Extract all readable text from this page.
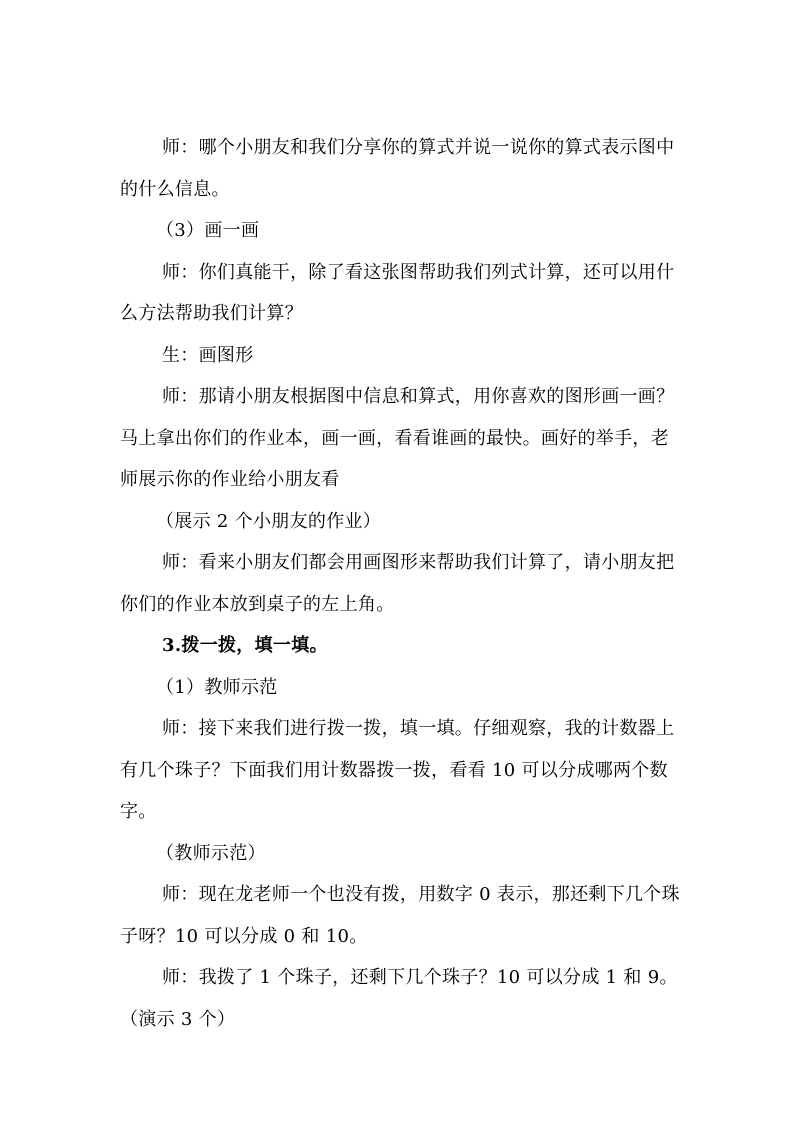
师：哪个小朋友和我们分享你的算式并说一说你的算式表示图中的什么信息。

（3）画一画

师：你们真能干，除了看这张图帮助我们列式计算，还可以用什么方法帮助我们计算？

生：画图形

师：那请小朋友根据图中信息和算式，用你喜欢的图形画一画？马上拿出你们的作业本，画一画，看看谁画的最快。画好的举手，老师展示你的作业给小朋友看

（展示 2 个小朋友的作业）

师：看来小朋友们都会用画图形来帮助我们计算了，请小朋友把你们的作业本放到桌子的左上角。

3.拨一拨，填一填。

（1）教师示范

师：接下来我们进行拨一拨，填一填。仔细观察，我的计数器上有几个珠子？下面我们用计数器拨一拨，看看 10 可以分成哪两个数字。

（教师示范）

师：现在龙老师一个也没有拨，用数字 0 表示，那还剩下几个珠子呀？10 可以分成 0 和 10。

师：我拨了 1 个珠子，还剩下几个珠子？10 可以分成 1 和 9。（演示 3 个）
